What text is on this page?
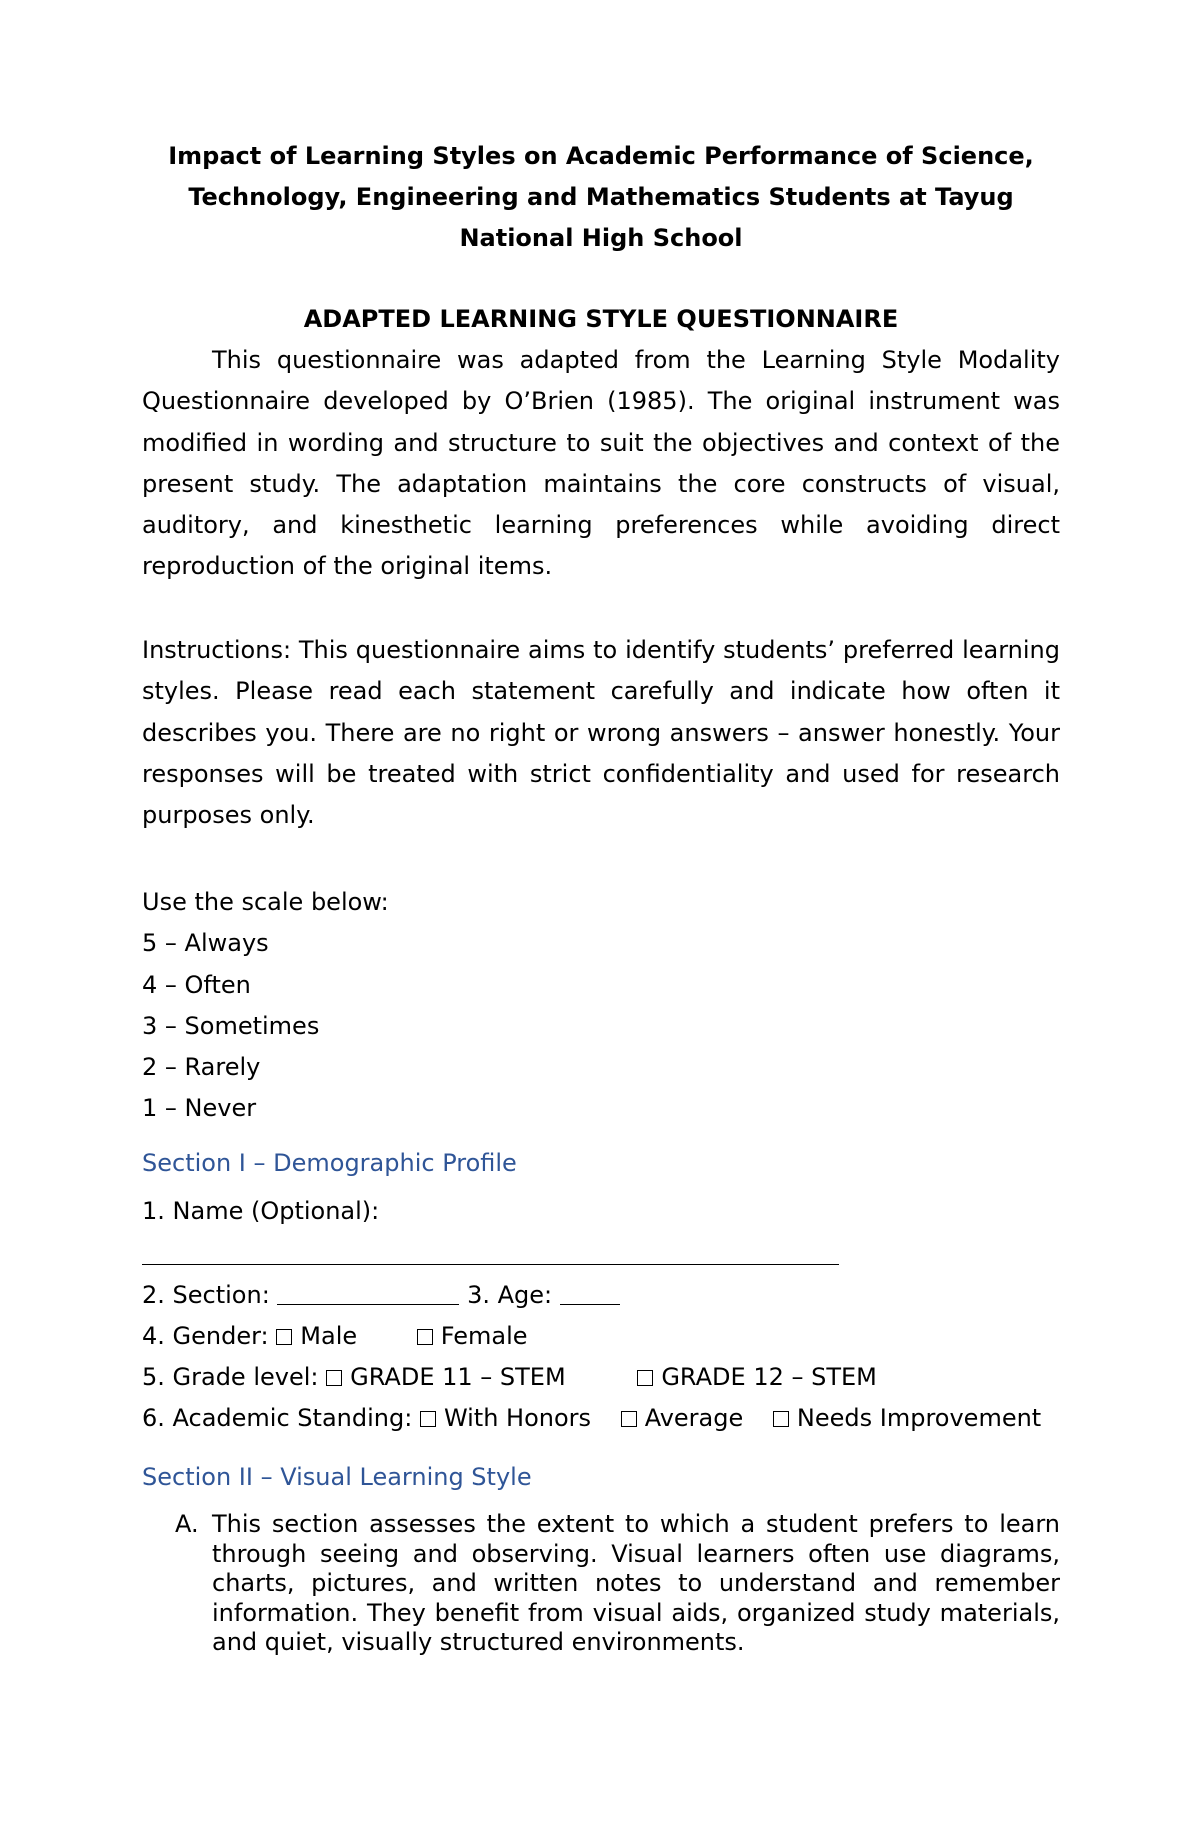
Impact of Learning Styles on Academic Performance of Science,
Technology, Engineering and Mathematics Students at Tayug
National High School
ADAPTED LEARNING STYLE QUESTIONNAIRE

This questionnaire was adapted from the Learning Style Modality Questionnaire developed by O’Brien (1985). The original instrument was modified in wording and structure to suit the objectives and context of the present study. The adaptation maintains the core constructs of visual, auditory, and kinesthetic learning preferences while avoiding direct reproduction of the original items.

Instructions: This questionnaire aims to identify students’ preferred learning styles. Please read each statement carefully and indicate how often it describes you. There are no right or wrong answers – answer honestly. Your responses will be treated with strict confidentiality and used for research purposes only.

Use the scale below:
5 – Always
4 – Often
3 – Sometimes
2 – Rarely
1 – Never
Section I – Demographic Profile
1. Name (Optional):
2. Section:	3. Age:
4. Gender: Male	Female
5. Grade level: GRADE 11 – STEM	GRADE 12 – STEM
6. Academic Standing: With Honors Average Needs Improvement
Section II – Visual Learning Style
A. This section assesses the extent to which a student prefers to learn through seeing and observing. Visual learners often use diagrams, charts, pictures, and written notes to understand and remember information. They benefit from visual aids, organized study materials, and quiet, visually structured environments.
